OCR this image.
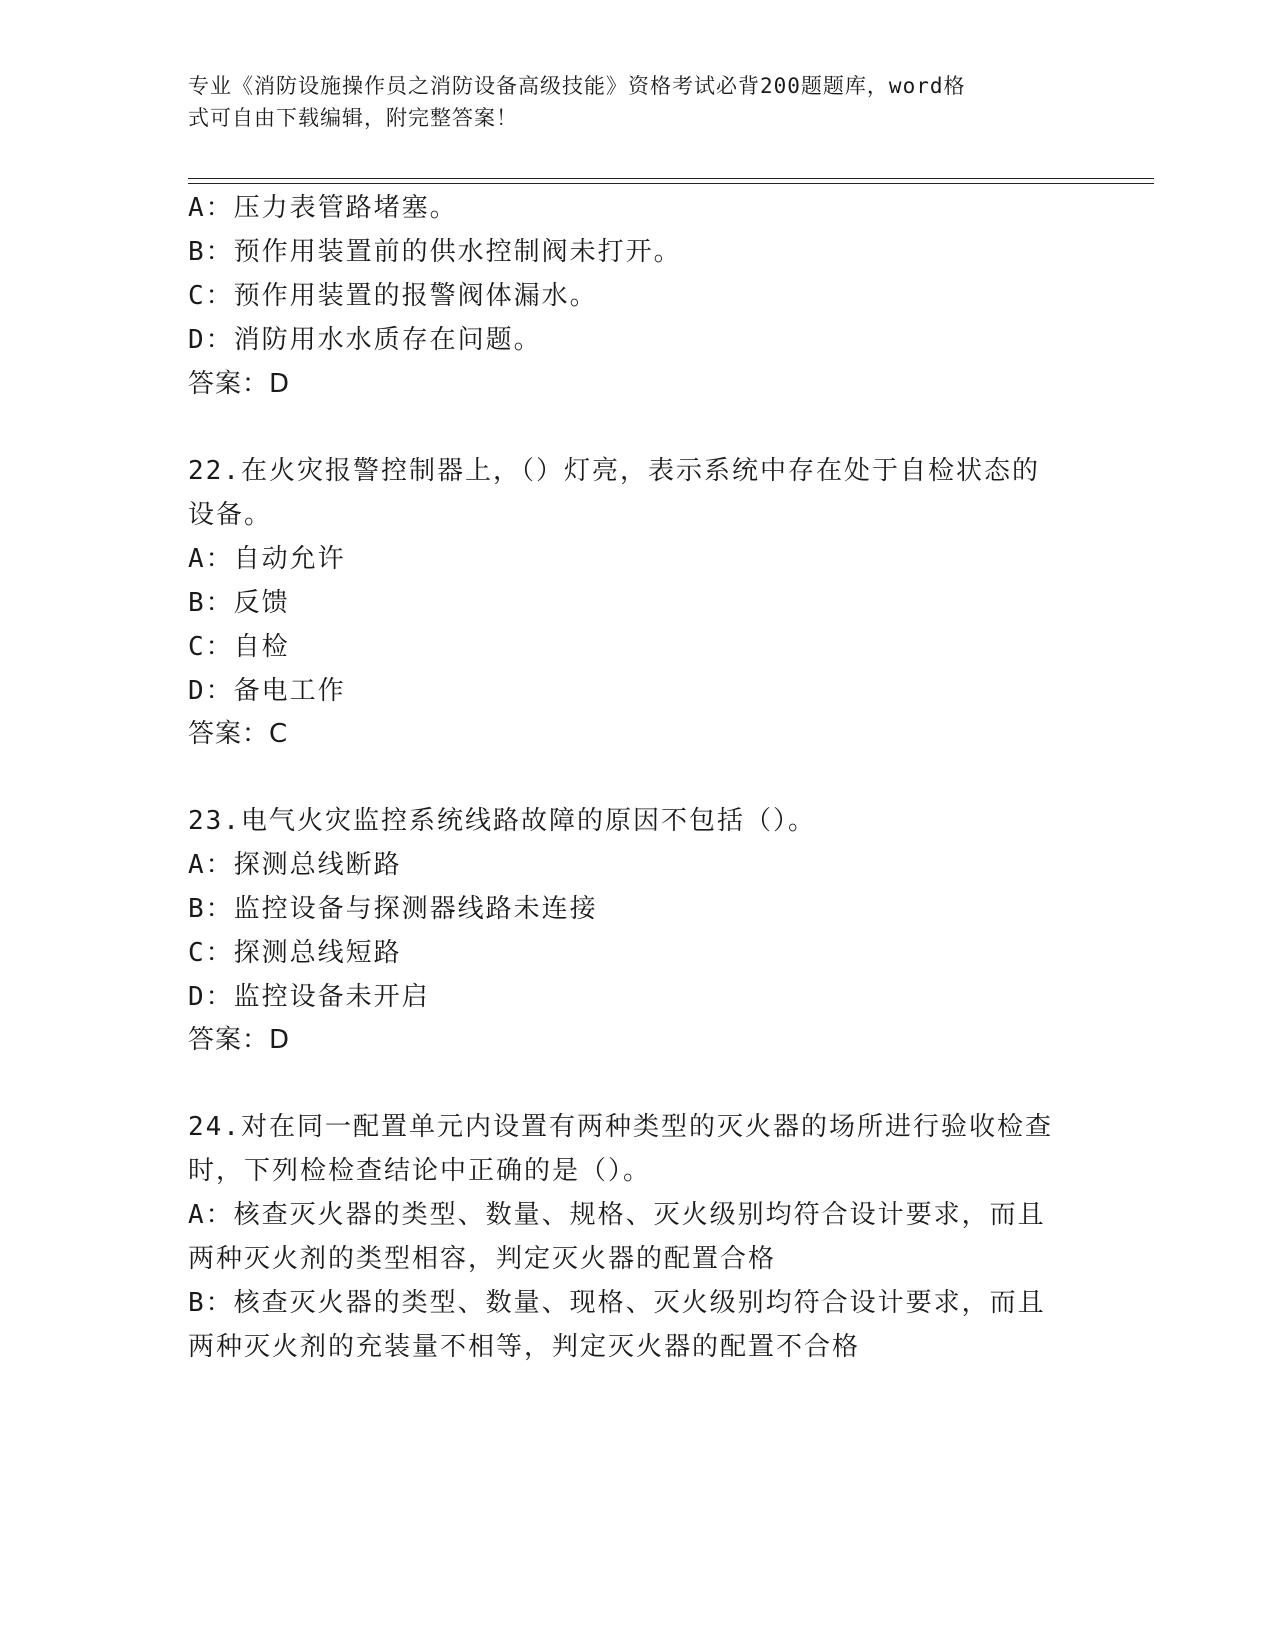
专业《消防设施操作员之消防设备高级技能》资格考试必背200题题库，word格
式可自由下载编辑，附完整答案！
A：压力表管路堵塞。
B：预作用装置前的供水控制阀未打开。
C：预作用装置的报警阀体漏水。
D：消防用水水质存在问题。
答案：D
22.在火灾报警控制器上，（）灯亮，表示系统中存在处于自检状态的
设备。
A：自动允许
B：反馈
C：自检
D：备电工作
答案：C
23.电气火灾监控系统线路故障的原因不包括（）。
A：探测总线断路
B：监控设备与探测器线路未连接
C：探测总线短路
D：监控设备未开启
答案：D
24.对在同一配置单元内设置有两种类型的灭火器的场所进行验收检查
时，下列检检查结论中正确的是（）。
A：核查灭火器的类型、数量、规格、灭火级别均符合设计要求，而且
两种灭火剂的类型相容，判定灭火器的配置合格
B：核查灭火器的类型、数量、现格、灭火级别均符合设计要求，而且
两种灭火剂的充装量不相等，判定灭火器的配置不合格
